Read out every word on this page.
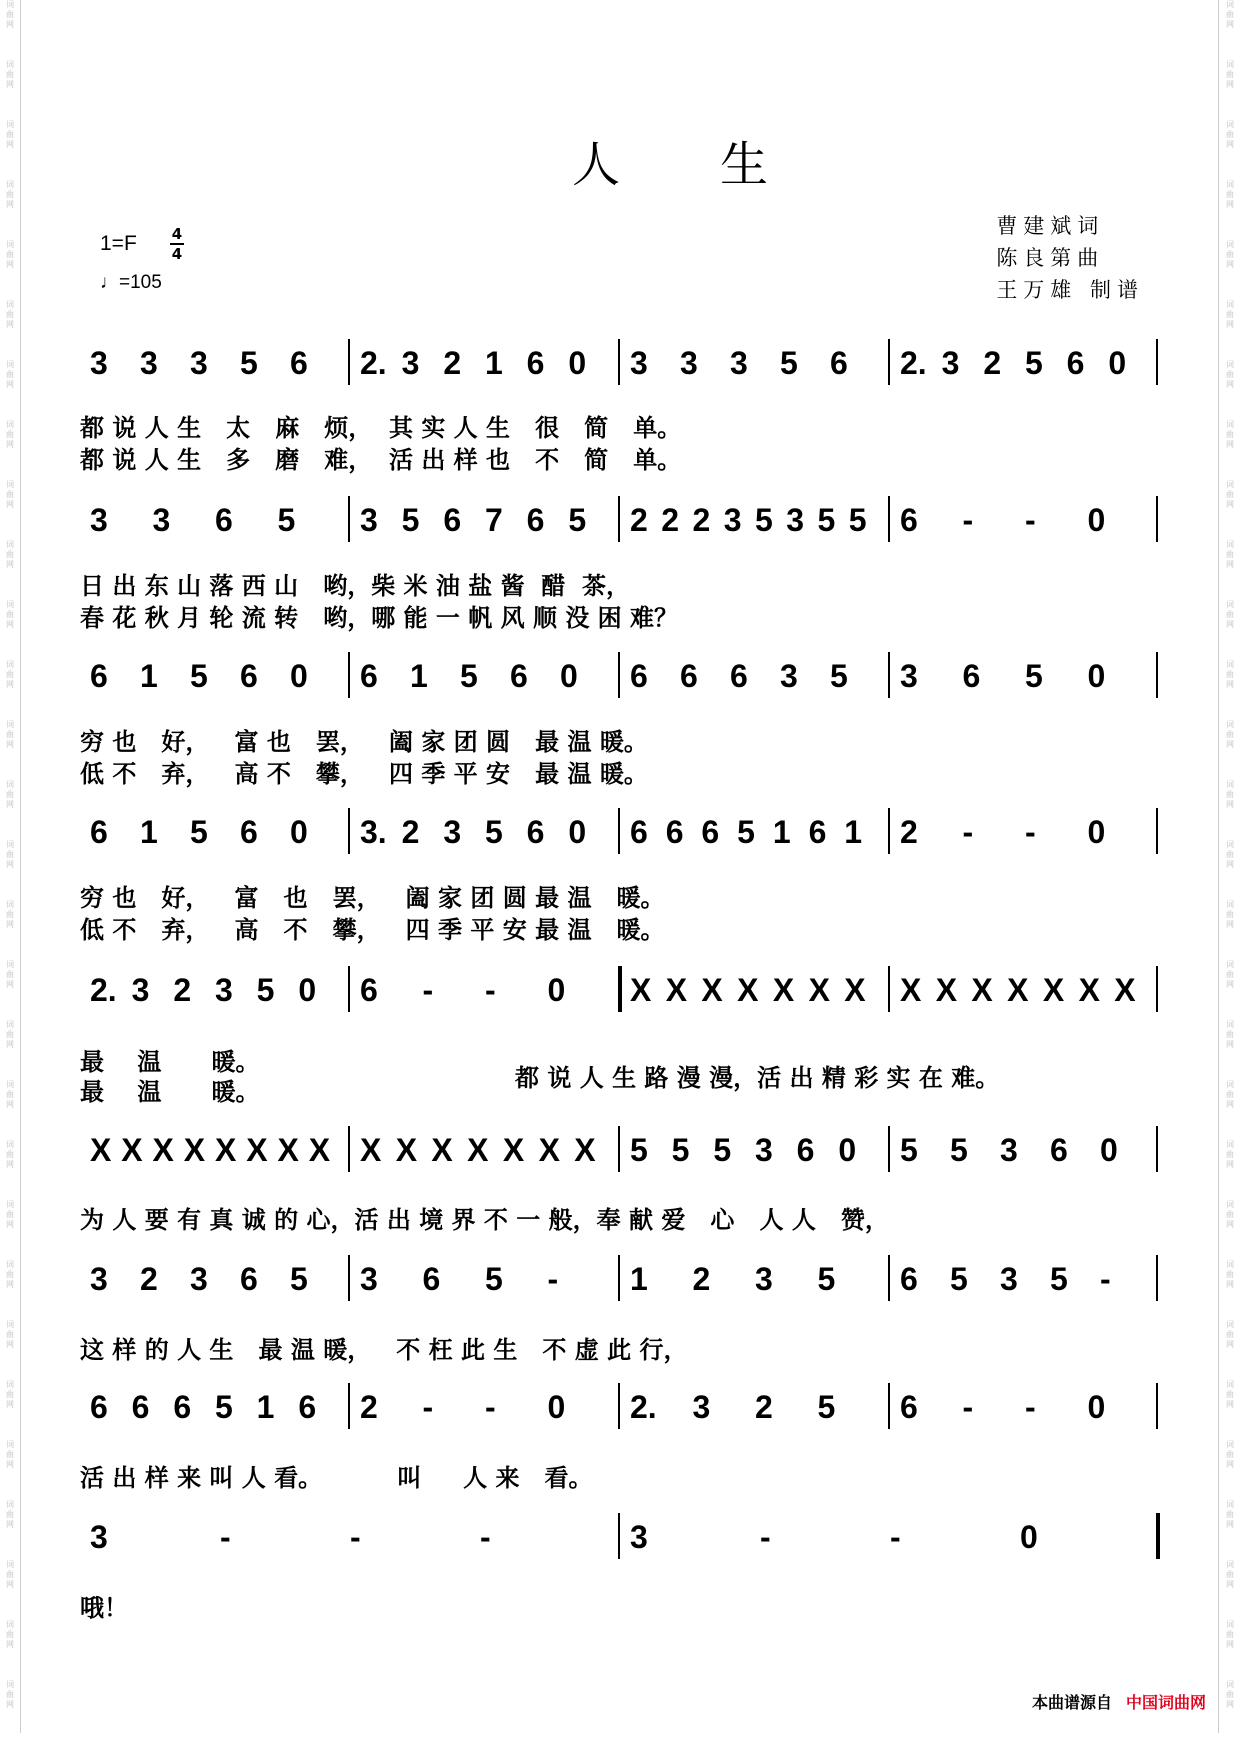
词
曲
网
词
曲
网
词
曲
网
词
曲
网
词
曲
网
词
曲
网
词
曲
网
词
曲
网
词
曲
网
词
曲
网
词
曲
网
词
曲
网
词
曲
网
词
曲
网
词
曲
网
词
曲
网
词
曲
网
词
曲
网
词
曲
网
词
曲
网
词
曲
网
词
曲
网
词
曲
网
词
曲
网
词
曲
网
词
曲
网
词
曲
网
词
曲
网
词
曲
网
词
曲
网
词
曲
网
词
曲
网
词
曲
网
词
曲
网
词
曲
网
词
曲
网
词
曲
网
词
曲
网
词
曲
网
词
曲
网
词
曲
网
词
曲
网
词
曲
网
词
曲
网
词
曲
网
词
曲
网
词
曲
网
词
曲
网
词
曲
网
词
曲
网
词
曲
网
词
曲
网
词
曲
网
词
曲
网
词
曲
网
词
曲
网
词
曲
网
词
曲
网
人生
1=F 4
4
♩=105
曹建斌词
陈良第曲
王万雄 制谱
3 3 3 5 6 2. 3 2 1 6 0 3 3 3 5 6 2. 3 2 5 6 0
3 3 6 5 3 5 6 7 6 5 2 2 2 3 5 3 5 5 6 - - 0
6 1 5 6 0 6 1 5 6 0 6 6 6 3 5 3 6 5 0
6 1 5 6 0 3. 2 3 5 6 0 6 6 6 5 1 6 1 2 - - 0
2. 3 2 3 5 0 6 - - 0 X X X X X X X X X X X X X X
X X X X X X X X X X X X X X X 5 5 5 3 6 0 5 5 3 6 0
3 2 3 6 5 3 6 5 - 1 2 3 5 6 5 3 5 -
6 6 6 5 1 6 2 - - 0 2. 3 2 5 6 - - 0
3	-	-	-	3	-	-	0
本曲谱源自 中国词曲网
都 说 人 生   太   麻   烦，  其 实 人 生   很   简   单。
都 说 人 生   多   磨   难，  活 出 样 也   不   简   单。
日 出 东 山 落 西 山   哟，柴 米 油 盐 酱  醋  茶，
春 花 秋 月 轮 流 转   哟，哪 能 一 帆 风 顺 没 困 难？
穷 也   好，   富 也   罢，   阖 家 团 圆   最 温 暖。
低 不   弃，   高 不   攀，   四 季 平 安   最 温 暖。
穷 也   好，   富   也   罢，   阖 家 团 圆 最 温   暖。
低 不   弃，   高   不   攀，   四 季 平 安 最 温   暖。
最    温      暖。
最    温      暖。	都 说 人 生 路 漫 漫，活 出 精 彩 实 在 难。
为 人 要 有 真 诚 的 心，活 出 境 界 不 一 般，奉 献 爱   心   人 人   赞，
这 样 的 人 生   最 温 暖，   不 枉 此 生   不 虚 此 行，
活 出 样 来 叫 人 看。         叫     人 来   看。
哦！
